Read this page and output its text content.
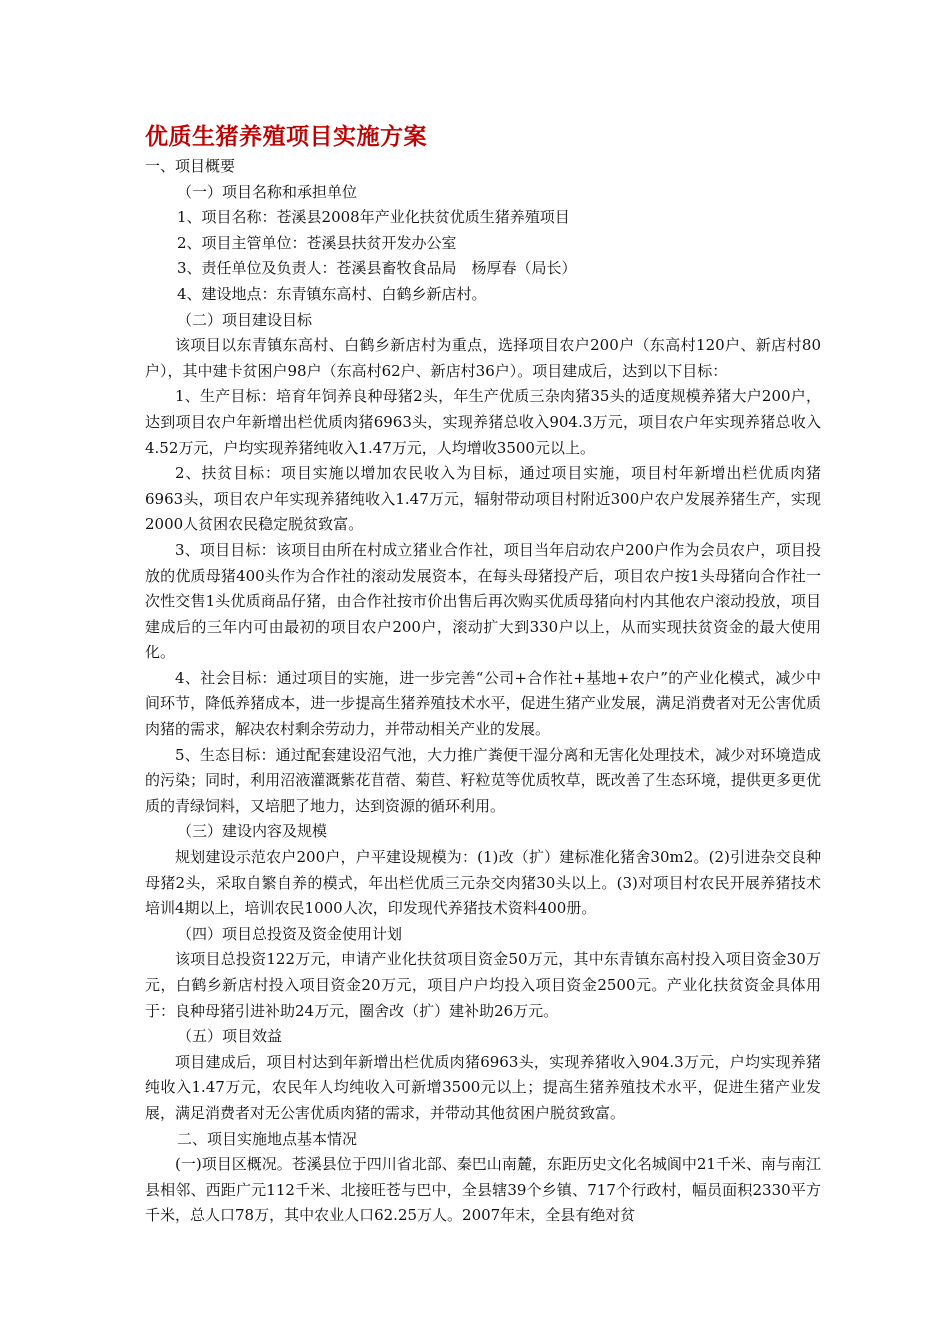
优质生猪养殖项目实施方案

一、项目概要

（一）项目名称和承担单位

1、项目名称：苍溪县2008年产业化扶贫优质生猪养殖项目

2、项目主管单位：苍溪县扶贫开发办公室

3、责任单位及负责人：苍溪县畜牧食品局　杨厚春（局长）

4、建设地点：东青镇东高村、白鹤乡新店村。

（二）项目建设目标

该项目以东青镇东高村、白鹤乡新店村为重点，选择项目农户200户（东高村120户、新店村80户），其中建卡贫困户98户（东高村62户、新店村36户）。项目建成后，达到以下目标：

1、生产目标：培育年饲养良种母猪2头，年生产优质三杂肉猪35头的适度规模养猪大户200户，达到项目农户年新增出栏优质肉猪6963头，实现养猪总收入904.3万元，项目农户年实现养猪总收入4.52万元，户均实现养猪纯收入1.47万元，人均增收3500元以上。

2、扶贫目标：项目实施以增加农民收入为目标，通过项目实施，项目村年新增出栏优质肉猪6963头，项目农户年实现养猪纯收入1.47万元，辐射带动项目村附近300户农户发展养猪生产，实现2000人贫困农民稳定脱贫致富。

3、项目目标：该项目由所在村成立猪业合作社，项目当年启动农户200户作为会员农户，项目投放的优质母猪400头作为合作社的滚动发展资本，在每头母猪投产后，项目农户按1头母猪向合作社一次性交售1头优质商品仔猪，由合作社按市价出售后再次购买优质母猪向村内其他农户滚动投放，项目建成后的三年内可由最初的项目农户200户，滚动扩大到330户以上，从而实现扶贫资金的最大使用化。

4、社会目标：通过项目的实施，进一步完善“公司+合作社+基地+农户”的产业化模式，减少中间环节，降低养猪成本，进一步提高生猪养殖技术水平，促进生猪产业发展，满足消费者对无公害优质肉猪的需求，解决农村剩余劳动力，并带动相关产业的发展。

5、生态目标：通过配套建设沼气池，大力推广粪便干湿分离和无害化处理技术，减少对环境造成的污染；同时，利用沼液灌溉紫花苜蓿、菊苣、籽粒苋等优质牧草，既改善了生态环境，提供更多更优质的青绿饲料，又培肥了地力，达到资源的循环利用。

（三）建设内容及规模

规划建设示范农户200户，户平建设规模为：(1)改（扩）建标准化猪舍30m2。(2)引进杂交良种母猪2头，采取自繁自养的模式，年出栏优质三元杂交肉猪30头以上。(3)对项目村农民开展养猪技术培训4期以上，培训农民1000人次，印发现代养猪技术资料400册。

（四）项目总投资及资金使用计划

该项目总投资122万元，申请产业化扶贫项目资金50万元，其中东青镇东高村投入项目资金30万元，白鹤乡新店村投入项目资金20万元，项目户户均投入项目资金2500元。产业化扶贫资金具体用于：良种母猪引进补助24万元，圈舍改（扩）建补助26万元。

（五）项目效益

项目建成后，项目村达到年新增出栏优质肉猪6963头，实现养猪收入904.3万元，户均实现养猪纯收入1.47万元，农民年人均纯收入可新增3500元以上；提高生猪养殖技术水平，促进生猪产业发展，满足消费者对无公害优质肉猪的需求，并带动其他贫困户脱贫致富。

二、项目实施地点基本情况

(一)项目区概况。苍溪县位于四川省北部、秦巴山南麓，东距历史文化名城阆中21千米、南与南江县相邻、西距广元112千米、北接旺苍与巴中，全县辖39个乡镇、717个行政村，幅员面积2330平方千米，总人口78万，其中农业人口62.25万人。2007年末，全县有绝对贫
